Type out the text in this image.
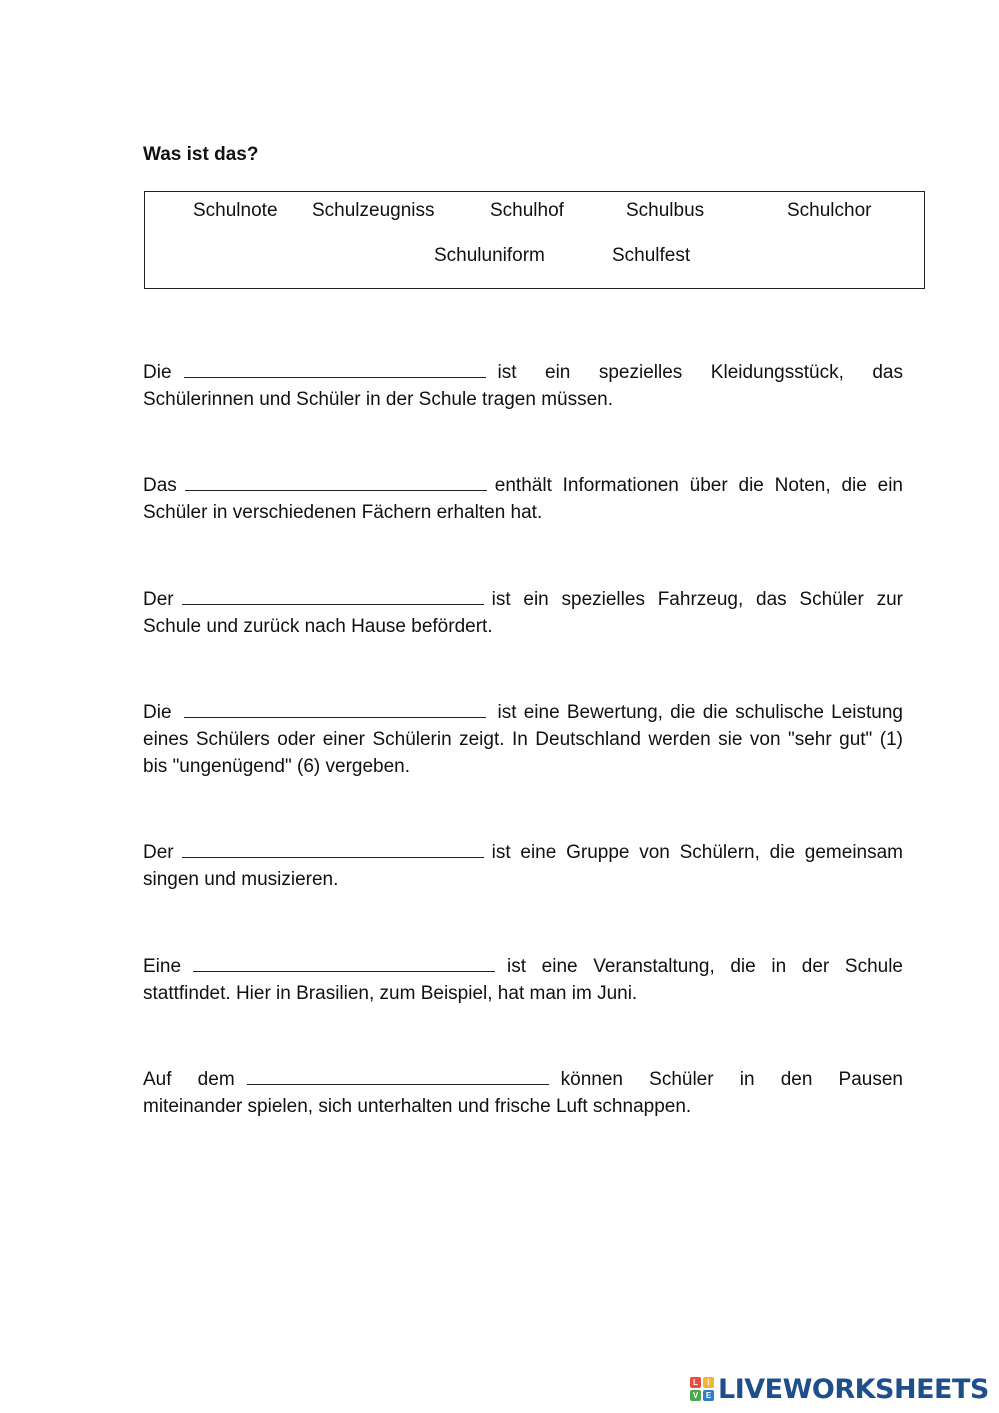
Was ist das?
Schulnote Schulzeugniss	Schulhof	Schulbus	Schulchor
Schuluniform	Schulfest

Die	ist ein spezielles Kleidungsstück, das Schülerinnen und Schüler in der Schule tragen müssen.

Das	enthält Informationen über die Noten, die ein Schüler in verschiedenen Fächern erhalten hat.

Der	ist ein spezielles Fahrzeug, das Schüler zur Schule und zurück nach Hause befördert.

Die	ist eine Bewertung, die die schulische Leistung eines Schülers oder einer Schülerin zeigt. In Deutschland werden sie von "sehr gut" (1) bis "ungenügend" (6) vergeben.

Der	ist eine Gruppe von Schülern, die gemeinsam singen und musizieren.

Eine	ist eine Veranstaltung, die in der Schule stattfindet. Hier in Brasilien, zum Beispiel, hat man im Juni.

Auf dem	können Schüler in den Pausen miteinander spielen, sich unterhalten und frische Luft schnappen.

L	I
V E LIVEWORKSHEETS
